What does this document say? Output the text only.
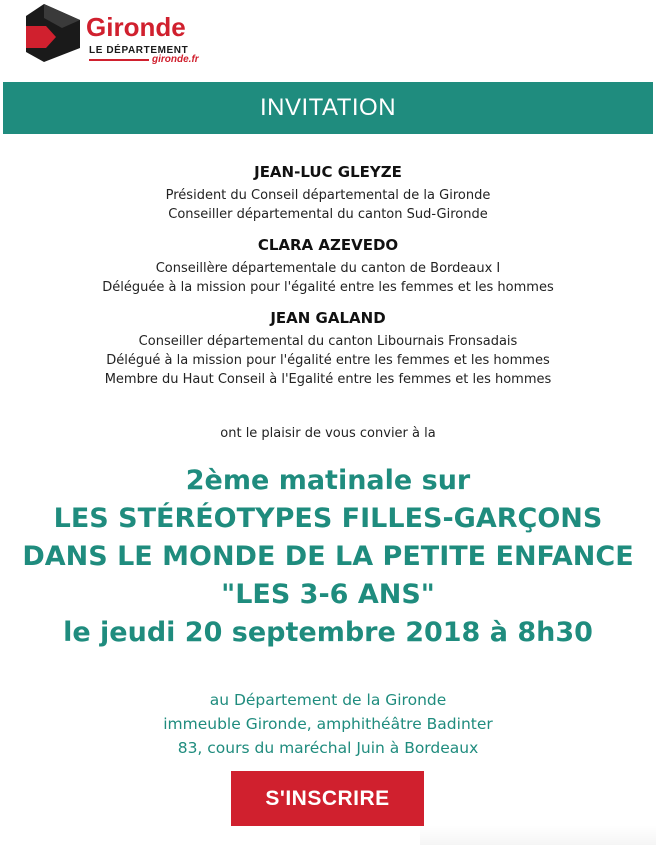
Gironde
LE DÉPARTEMENT
gironde.fr
INVITATION
JEAN-LUC GLEYZE
Président du Conseil départemental de la Gironde
Conseiller départemental du canton Sud-Gironde
CLARA AZEVEDO
Conseillère départementale du canton de Bordeaux I
Déléguée à la mission pour l'égalité entre les femmes et les hommes
JEAN GALAND
Conseiller départemental du canton Libournais Fronsadais
Délégué à la mission pour l'égalité entre les femmes et les hommes
Membre du Haut Conseil à l'Egalité entre les femmes et les hommes
ont le plaisir de vous convier à la
2ème matinale sur
LES STÉRÉOTYPES FILLES-GARÇONS
DANS LE MONDE DE LA PETITE ENFANCE
"LES 3-6 ANS"
le jeudi 20 septembre 2018 à 8h30
au Département de la Gironde
immeuble Gironde, amphithéâtre Badinter
83, cours du maréchal Juin à Bordeaux
S'INSCRIRE
